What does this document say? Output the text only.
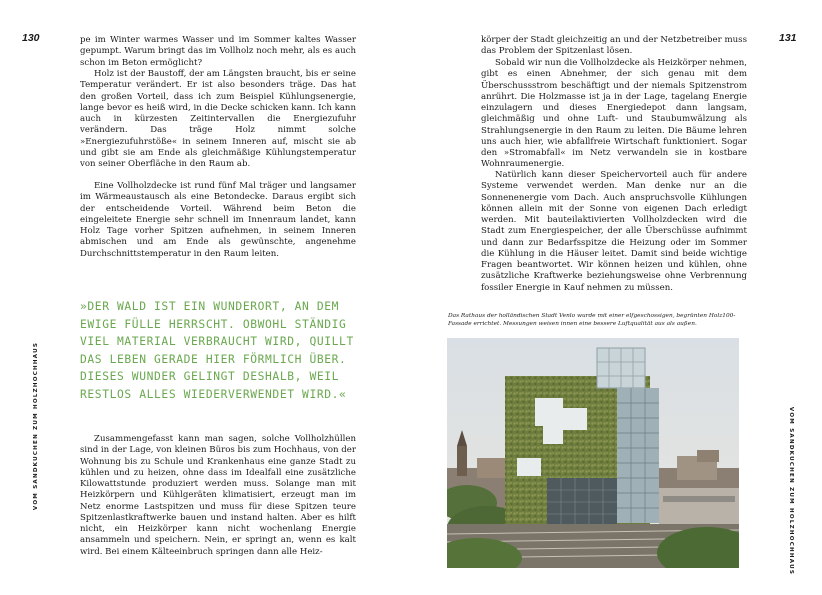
130	131
VOM SANDKUCHEN ZUM HOLZHOCHHAUS	VOM SANDKUCHEN ZUM HOLZHOCHHAUS

pe im Winter warmes Wasser und im Sommer kaltes Wasser gepumpt. Warum bringt das im Vollholz noch mehr, als es auch schon im Beton ermöglicht?

Holz ist der Baustoff, der am Längsten braucht, bis er seine Temperatur verändert. Er ist also besonders träge. Das hat den großen Vorteil, dass ich zum Beispiel Kühlungsenergie, lange bevor es heiß wird, in die Decke schicken kann. Ich kann auch in kürzesten Zeitintervallen die Energiezufuhr verändern. Das träge Holz nimmt solche »Energiezufuhrstöße« in seinem Inneren auf, mischt sie ab und gibt sie am Ende als gleichmäßige Kühlungstemperatur von seiner Oberfläche in den Raum ab.

Eine Vollholzdecke ist rund fünf Mal träger und langsamer im Wärmeaustausch als eine Betondecke. Daraus ergibt sich der entscheidende Vorteil. Während beim Beton die eingeleitete Energie sehr schnell im Innenraum landet, kann Holz Tage vorher Spitzen aufnehmen, in seinem Inneren abmischen und am Ende als gewünschte, angenehme Durchschnittstemperatur in den Raum leiten.

»DER WALD IST EIN WUNDERORT, AN DEM EWIGE FÜLLE HERRSCHT. OBWOHL STÄNDIG VIEL MATERIAL VERBRAUCHT WIRD, QUILLT DAS LEBEN GERADE HIER FÖRMLICH ÜBER. DIESES WUNDER GELINGT DESHALB, WEIL RESTLOS ALLES WIEDERVERWENDET WIRD.«

Zusammengefasst kann man sagen, solche Vollholzhüllen sind in der Lage, von kleinen Büros bis zum Hochhaus, von der Wohnung bis zu Schule und Krankenhaus eine ganze Stadt zu kühlen und zu heizen, ohne dass im Idealfall eine zusätzliche Kilowattstunde produziert werden muss. Solange man mit Heizkörpern und Kühlgeräten klimatisiert, erzeugt man im Netz enorme Lastspitzen und muss für diese Spitzen teure Spitzenlastkraftwerke bauen und instand halten. Aber es hilft nicht, ein Heizkörper kann nicht wochenlang Energie ansammeln und speichern. Nein, er springt an, wenn es kalt wird. Bei einem Kälteeinbruch springen dann alle Heiz-

körper der Stadt gleichzeitig an und der Netzbetreiber muss das Problem der Spitzenlast lösen.

Sobald wir nun die Vollholzdecke als Heizkörper nehmen, gibt es einen Abnehmer, der sich genau mit dem Überschussstrom beschäftigt und der niemals Spitzenstrom anrührt. Die Holzmasse ist ja in der Lage, tagelang Energie einzulagern und dieses Energiedepot dann langsam, gleichmäßig und ohne Luft- und Staubumwälzung als Strahlungsenergie in den Raum zu leiten. Die Bäume lehren uns auch hier, wie abfallfreie Wirtschaft funktioniert. Sogar den »Stromabfall« im Netz verwandeln sie in kostbare Wohnraumenergie.

Natürlich kann dieser Speichervorteil auch für andere Systeme verwendet werden. Man denke nur an die Sonnenenergie vom Dach. Auch anspruchsvolle Kühlungen können allein mit der Sonne von eigenen Dach erledigt werden. Mit bauteilaktivierten Vollholzdecken wird die Stadt zum Energiespeicher, der alle Überschüsse aufnimmt und dann zur Bedarfsspitze die Heizung oder im Sommer die Kühlung in die Häuser leitet. Damit sind beide wichtige Fragen beantwortet. Wir können heizen und kühlen, ohne zusätzliche Kraftwerke beziehungsweise ohne Verbrennung fossiler Energie in Kauf nehmen zu müssen.

Das Rathaus der holländischen Stadt Venlo wurde mit einer elfgeschossigen, begrünten Holz100-Fassade errichtet. Messungen weisen innen eine bessere Luftqualität aus als außen.
